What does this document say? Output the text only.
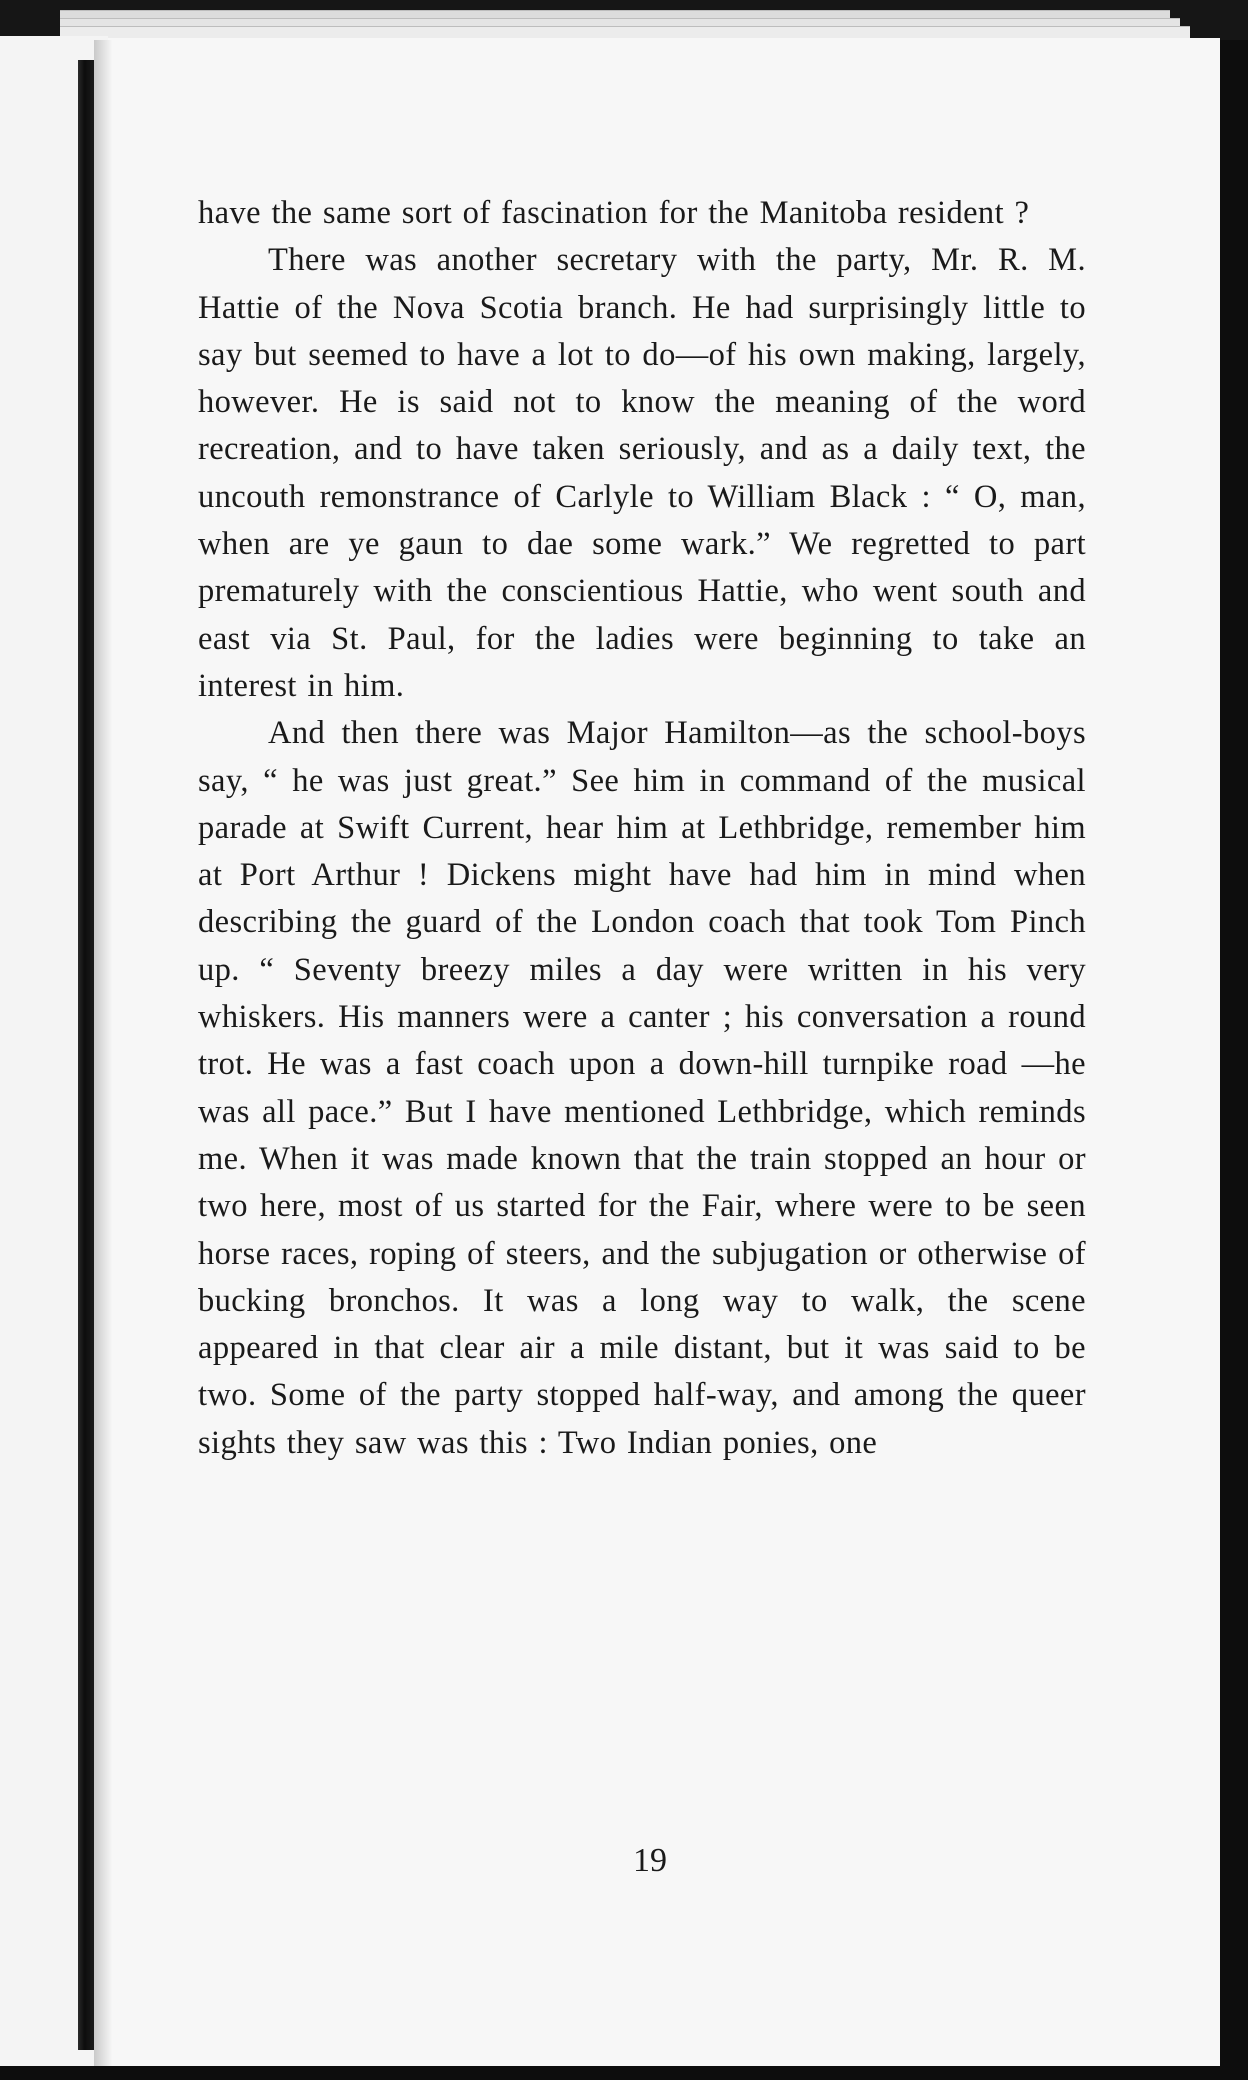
have the same sort of fascination for the Manitoba resident ?

There was another secretary with the party, Mr. R. M. Hattie of the Nova Scotia branch. He had surprisingly little to say but seemed to have a lot to do—of his own making, largely, however. He is said not to know the meaning of the word recreation, and to have taken seriously, and as a daily text, the uncouth remonstrance of Carlyle to William Black : “ O, man, when are ye gaun to dae some wark.” We regretted to part prematurely with the conscientious Hattie, who went south and east via St. Paul, for the ladies were beginning to take an interest in him.

And then there was Major Hamilton—as the school-boys say, “ he was just great.” See him in command of the musical parade at Swift Current, hear him at Lethbridge, remember him at Port Arthur ! Dickens might have had him in mind when describing the guard of the London coach that took Tom Pinch up. “ Seventy breezy miles a day were written in his very whiskers. His manners were a canter ; his conversation a round trot. He was a fast coach upon a down-hill turnpike road —he was all pace.” But I have mentioned Lethbridge, which reminds me. When it was made known that the train stopped an hour or two here, most of us started for the Fair, where were to be seen horse races, roping of steers, and the subjugation or otherwise of bucking bronchos. It was a long way to walk, the scene appeared in that clear air a mile distant, but it was said to be two. Some of the party stopped half-way, and among the queer sights they saw was this : Two Indian ponies, one

19
